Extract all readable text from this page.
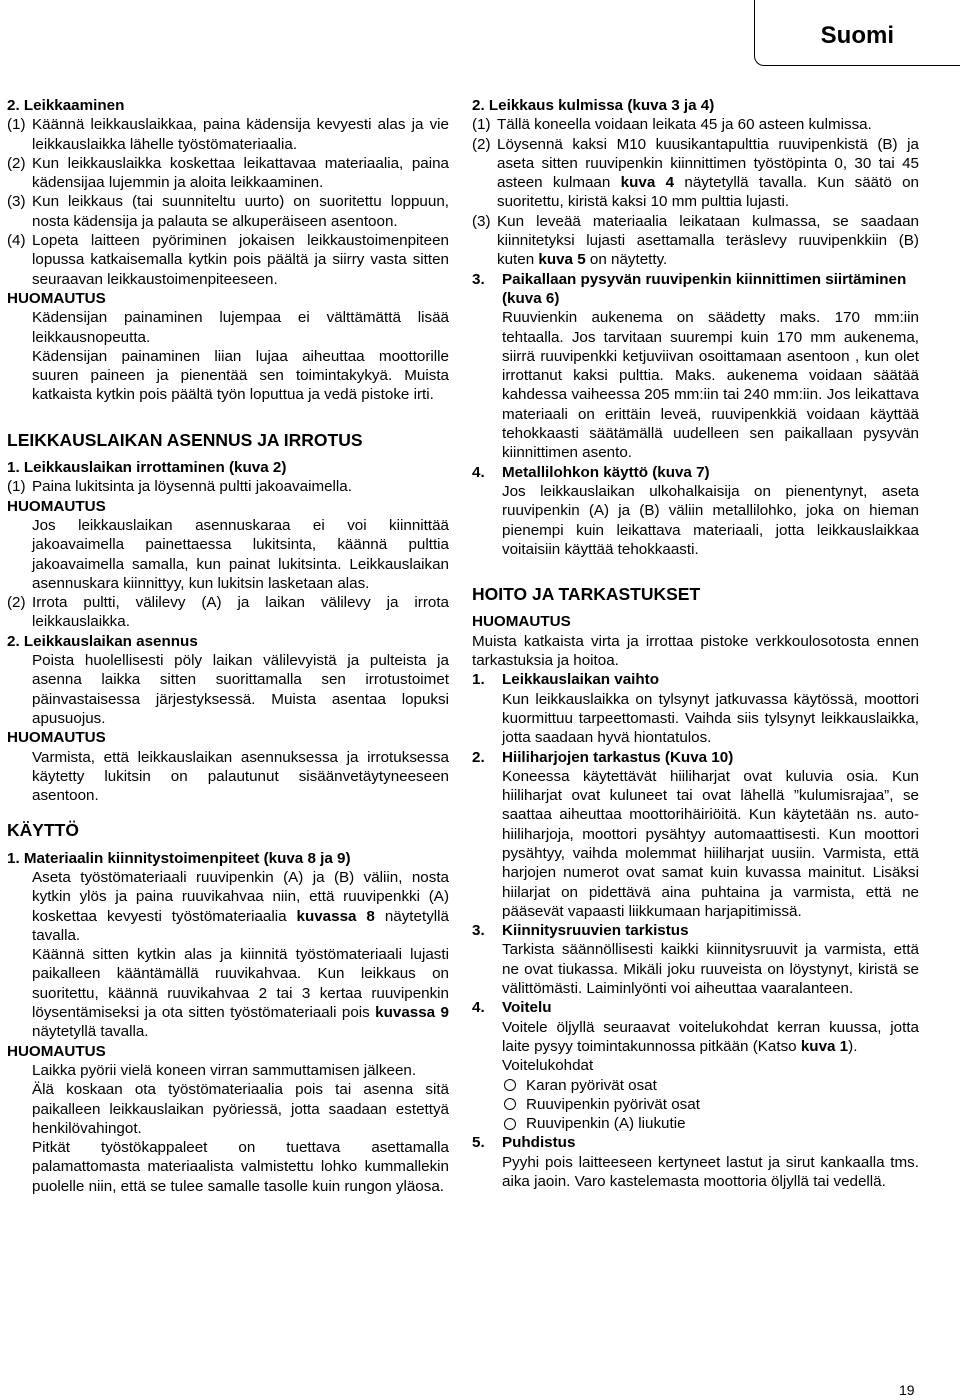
Suomi

2. Leikkaaminen

(1) Käännä leikkauslaikkaa, paina kädensija kevyesti alas ja vie leikkauslaikka lähelle työstömateriaalia.
(2) Kun leikkauslaikka koskettaa leikattavaa materiaalia, paina kädensijaa lujemmin ja aloita leikkaaminen.
(3) Kun leikkaus (tai suunniteltu uurto) on suoritettu loppuun, nosta kädensija ja palauta se alkuperäiseen asentoon.
(4) Lopeta laitteen pyöriminen jokaisen leikkaustoimenpiteen lopussa katkaisemalla kytkin pois päältä ja siirry vasta sitten seuraavan leikkaustoimenpiteeseen.

HUOMAUTUS

Kädensijan painaminen lujempaa ei välttämättä lisää leikkausnopeutta.

Kädensijan painaminen liian lujaa aiheuttaa moottorille suuren paineen ja pienentää sen toimintakykyä. Muista katkaista kytkin pois päältä työn loputtua ja vedä pistoke irti.

LEIKKAUSLAIKAN ASENNUS JA IRROTUS

1. Leikkauslaikan irrottaminen (kuva 2)

(1) Paina lukitsinta ja löysennä pultti jakoavaimella.

HUOMAUTUS

Jos leikkauslaikan asennuskaraa ei voi kiinnittää jakoavaimella painettaessa lukitsinta, käännä pulttia jakoavaimella samalla, kun painat lukitsinta. Leikkauslaikan asennuskara kiinnittyy, kun lukitsin lasketaan alas.

(2) Irrota pultti, välilevy (A) ja laikan välilevy ja irrota leikkauslaikka.

2. Leikkauslaikan asennus

Poista huolellisesti pöly laikan välilevyistä ja pulteista ja asenna laikka sitten suorittamalla sen irrotustoimet päinvastaisessa järjestyksessä. Muista asentaa lopuksi apusuojus.

HUOMAUTUS

Varmista, että leikkauslaikan asennuksessa ja irrotuksessa käytetty lukitsin on palautunut sisäänvetäytyneeseen asentoon.

KÄYTTÖ

1. Materiaalin kiinnitystoimenpiteet (kuva 8 ja 9)

Aseta työstömateriaali ruuvipenkin (A) ja (B) väliin, nosta kytkin ylös ja paina ruuvikahvaa niin, että ruuvipenkki (A) koskettaa kevyesti työstömateriaalia kuvassa 8 näytetyllä tavalla.

Käännä sitten kytkin alas ja kiinnitä työstömateriaali lujasti paikalleen kääntämällä ruuvikahvaa. Kun leikkaus on suoritettu, käännä ruuvikahvaa 2 tai 3 kertaa ruuvipenkin löysentämiseksi ja ota sitten työstömateriaali pois kuvassa 9 näytetyllä tavalla.

HUOMAUTUS

Laikka pyörii vielä koneen virran sammuttamisen jälkeen.

Älä koskaan ota työstömateriaalia pois tai asenna sitä paikalleen leikkauslaikan pyöriessä, jotta saadaan estettyä henkilövahingot.

Pitkät työstökappaleet on tuettava asettamalla palamattomasta materiaalista valmistettu lohko kummallekin puolelle niin, että se tulee samalle tasolle kuin rungon yläosa.

2. Leikkaus kulmissa (kuva 3 ja 4)

(1) Tällä koneella voidaan leikata 45 ja 60 asteen kulmissa.
(2) Löysennä kaksi M10 kuusikantapulttia ruuvipenkistä (B) ja aseta sitten ruuvipenkin kiinnittimen työstöpinta 0, 30 tai 45 asteen kulmaan kuva 4 näytetyllä tavalla. Kun säätö on suoritettu, kiristä kaksi 10 mm pulttia lujasti.
(3) Kun leveää materiaalia leikataan kulmassa, se saadaan kiinnitetyksi lujasti asettamalla teräslevy ruuvipenkkiin (B) kuten kuva 5 on näytetty.
3.	Paikallaan pysyvän ruuvipenkin kiinnittimen siirtäminen (kuva 6)

Ruuvienkin aukenema on säädetty maks. 170 mm:iin tehtaalla. Jos tarvitaan suurempi kuin 170 mm aukenema, siirrä ruuvipenkki ketjuviivan osoittamaan asentoon , kun olet irrottanut kaksi pulttia. Maks. aukenema voidaan säätää kahdessa vaiheessa 205 mm:iin tai 240 mm:iin. Jos leikattava materiaali on erittäin leveä, ruuvipenkkiä voidaan käyttää tehokkaasti säätämällä uudelleen sen paikallaan pysyvän kiinnittimen asento.

4.	Metallilohkon käyttö (kuva 7)

Jos leikkauslaikan ulkohalkaisija on pienentynyt, aseta ruuvipenkin (A) ja (B) väliin metallilohko, joka on hieman pienempi kuin leikattava materiaali, jotta leikkauslaikkaa voitaisiin käyttää tehokkaasti.

HOITO JA TARKASTUKSET

HUOMAUTUS

Muista katkaista virta ja irrottaa pistoke verkkoulosotosta ennen tarkastuksia ja hoitoa.

1.	Leikkauslaikan vaihto

Kun leikkauslaikka on tylsynyt jatkuvassa käytössä, moottori kuormittuu tarpeettomasti. Vaihda siis tylsynyt leikkauslaikka, jotta saadaan hyvä hiontatulos.

2.	Hiiliharjojen tarkastus (Kuva 10)

Koneessa käytettävät hiiliharjat ovat kuluvia osia. Kun hiiliharjat ovat kuluneet tai ovat lähellä ”kulumisrajaa”, se saattaa aiheuttaa moottorihäiriöitä. Kun käytetään ns. auto-hiiliharjoja, moottori pysähtyy automaattisesti. Kun moottori pysähtyy, vaihda molemmat hiiliharjat uusiin. Varmista, että harjojen numerot ovat samat kuin kuvassa mainitut. Lisäksi hiilarjat on pidettävä aina puhtaina ja varmista, että ne pääsevät vapaasti liikkumaan harjapitimissä.

3.	Kiinnitysruuvien tarkistus

Tarkista säännöllisesti kaikki kiinnitysruuvit ja varmista, että ne ovat tiukassa. Mikäli joku ruuveista on löystynyt, kiristä se välittömästi. Laiminlyönti voi aiheuttaa vaaralanteen.

4.	Voitelu

Voitele öljyllä seuraavat voitelukohdat kerran kuussa, jotta laite pysyy toimintakunnossa pitkään (Katso kuva 1).

Voitelukohdat

Karan pyörivät osat
Ruuvipenkin pyörivät osat
Ruuvipenkin (A) liukutie
5.	Puhdistus

Pyyhi pois laitteeseen kertyneet lastut ja sirut kankaalla tms. aika jaoin. Varo kastelemasta moottoria öljyllä tai vedellä.

19
